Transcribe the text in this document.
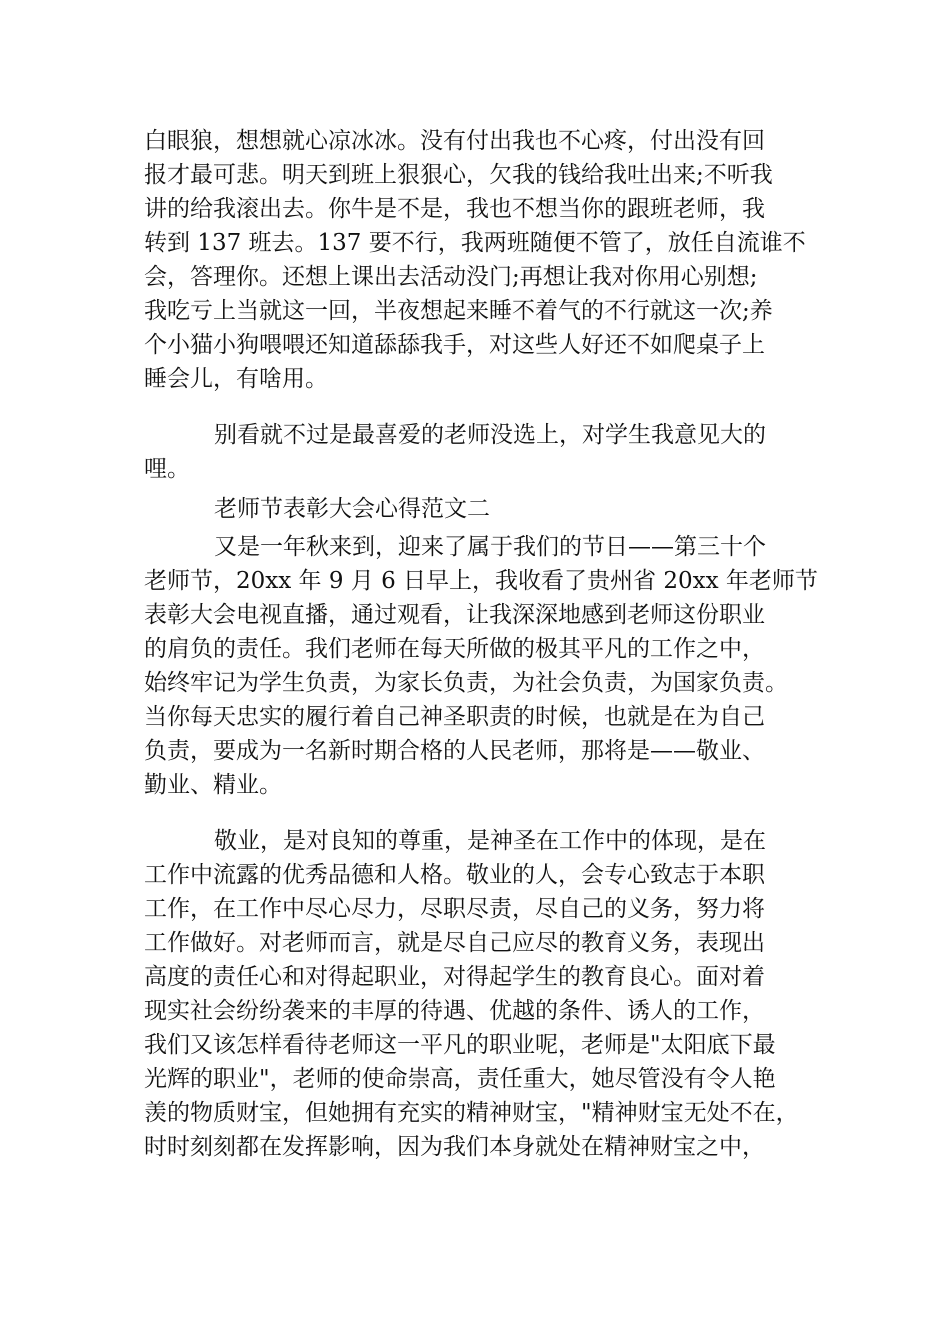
白眼狼，想想就心凉冰冰。没有付出我也不心疼，付出没有回
报才最可悲。明天到班上狠狠心，欠我的钱给我吐出来;不听我
讲的给我滚出去。你牛是不是，我也不想当你的跟班老师，我
转到 137 班去。137 要不行，我两班随便不管了，放任自流谁不
会，答理你。还想上课出去活动没门;再想让我对你用心别想;
我吃亏上当就这一回，半夜想起来睡不着气的不行就这一次;养
个小猫小狗喂喂还知道舔舔我手，对这些人好还不如爬桌子上
睡会儿，有啥用。
别看就不过是最喜爱的老师没选上，对学生我意见大的
哩。
老师节表彰大会心得范文二
又是一年秋来到，迎来了属于我们的节日——第三十个
老师节，20xx 年 9 月 6 日早上，我收看了贵州省 20xx 年老师节
表彰大会电视直播，通过观看，让我深深地感到老师这份职业
的肩负的责任。我们老师在每天所做的极其平凡的工作之中，
始终牢记为学生负责，为家长负责，为社会负责，为国家负责。
当你每天忠实的履行着自己神圣职责的时候，也就是在为自己
负责，要成为一名新时期合格的人民老师，那将是——敬业、
勤业、精业。
敬业，是对良知的尊重，是神圣在工作中的体现，是在
工作中流露的优秀品德和人格。敬业的人，会专心致志于本职
工作，在工作中尽心尽力，尽职尽责，尽自己的义务，努力将
工作做好。对老师而言，就是尽自己应尽的教育义务，表现出
高度的责任心和对得起职业，对得起学生的教育良心。面对着
现实社会纷纷袭来的丰厚的待遇、优越的条件、诱人的工作，
我们又该怎样看待老师这一平凡的职业呢，老师是"太阳底下最
光辉的职业"，老师的使命崇高，责任重大，她尽管没有令人艳
羡的物质财宝，但她拥有充实的精神财宝，"精神财宝无处不在，
时时刻刻都在发挥影响，因为我们本身就处在精神财宝之中，
